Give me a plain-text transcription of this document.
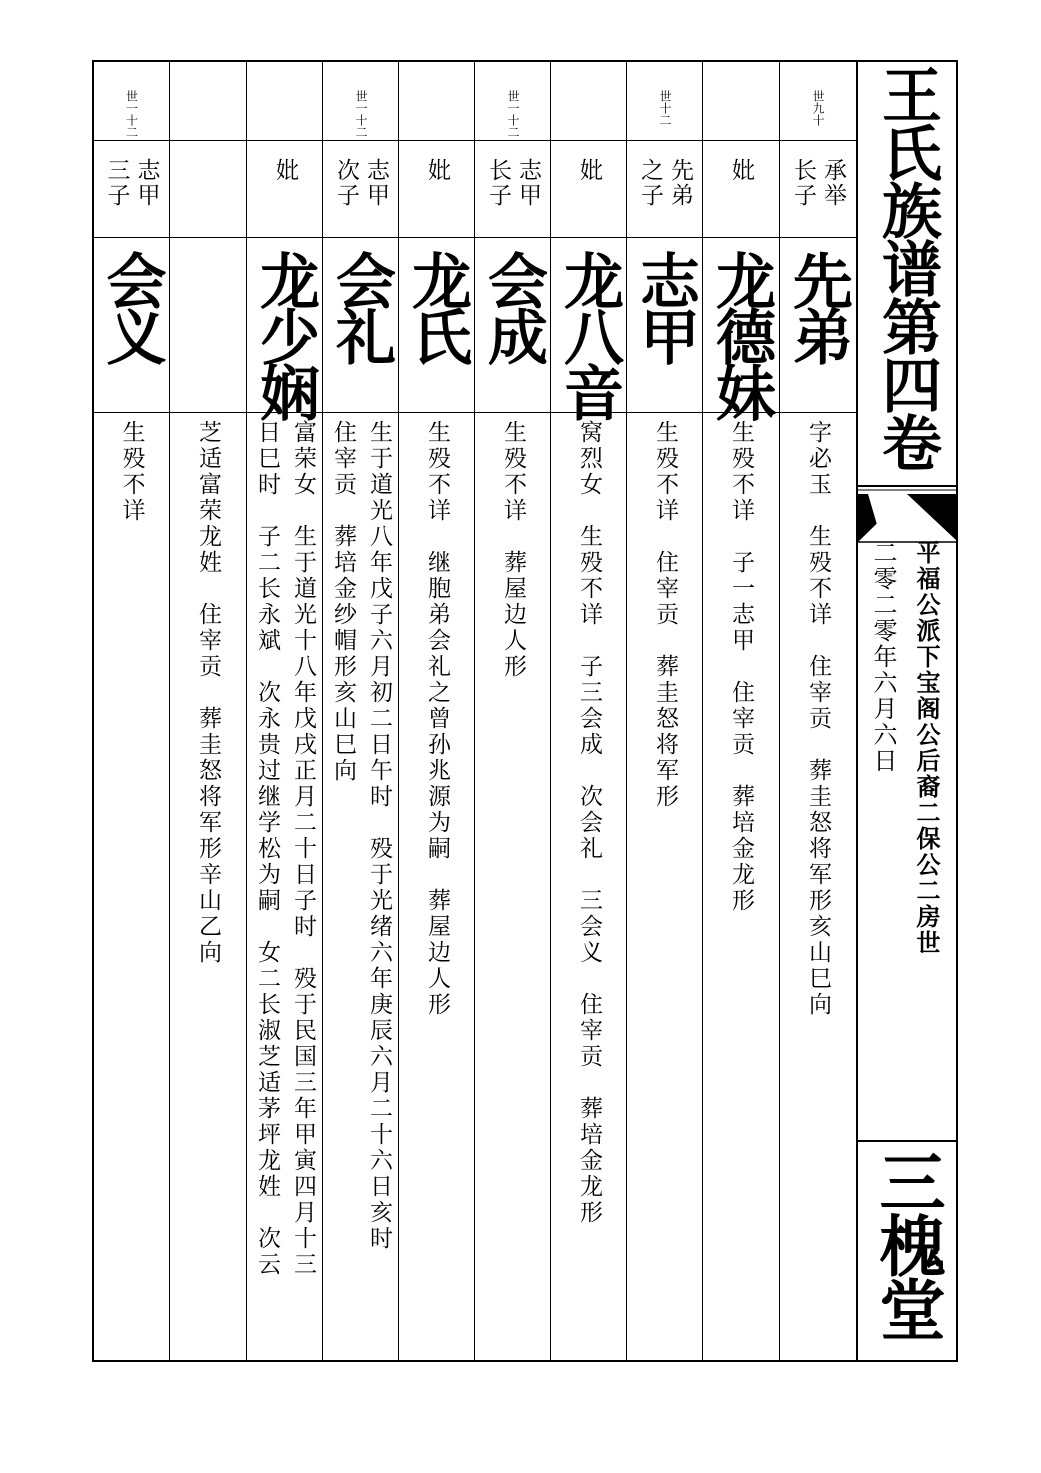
世九十
承举
长子
先弟
字必玉　生殁不详　住宰贡　葬圭怒将军形亥山巳向
妣
龙德妹
生殁不详　子一志甲　住宰贡　葬培金龙形
世十二
先弟
之子
志甲
生殁不详　住宰贡　葬圭怒将军形
妣
龙八音
窝烈女　生殁不详　子三会成　次会礼　三会义　住宰贡　葬培金龙形
世一十二
志甲
长子
会成
生殁不详　葬屋边人形
妣
龙氏
生殁不详　继胞弟会礼之曾孙兆源为嗣　葬屋边人形
世一十二
志甲
次子
会礼
生于道光八年戊子六月初二日午时　殁于光绪六年庚辰六月二十六日亥时
住宰贡　葬培金纱帽形亥山巳向
妣
龙少娴
富荣女　生于道光十八年戊戌正月二十日子时　殁于民国三年甲寅四月十三
日巳时　子二长永斌　次永贵过继学松为嗣　女二长淑芝适茅坪龙姓　次云
芝适富荣龙姓　住宰贡　葬圭怒将军形辛山乙向
世一十二
志甲
三子
会义
生殁不详
王氏族谱第四卷
平福公派下宝阁公后裔二保公二房世
二零二零年六月六日
三槐堂
